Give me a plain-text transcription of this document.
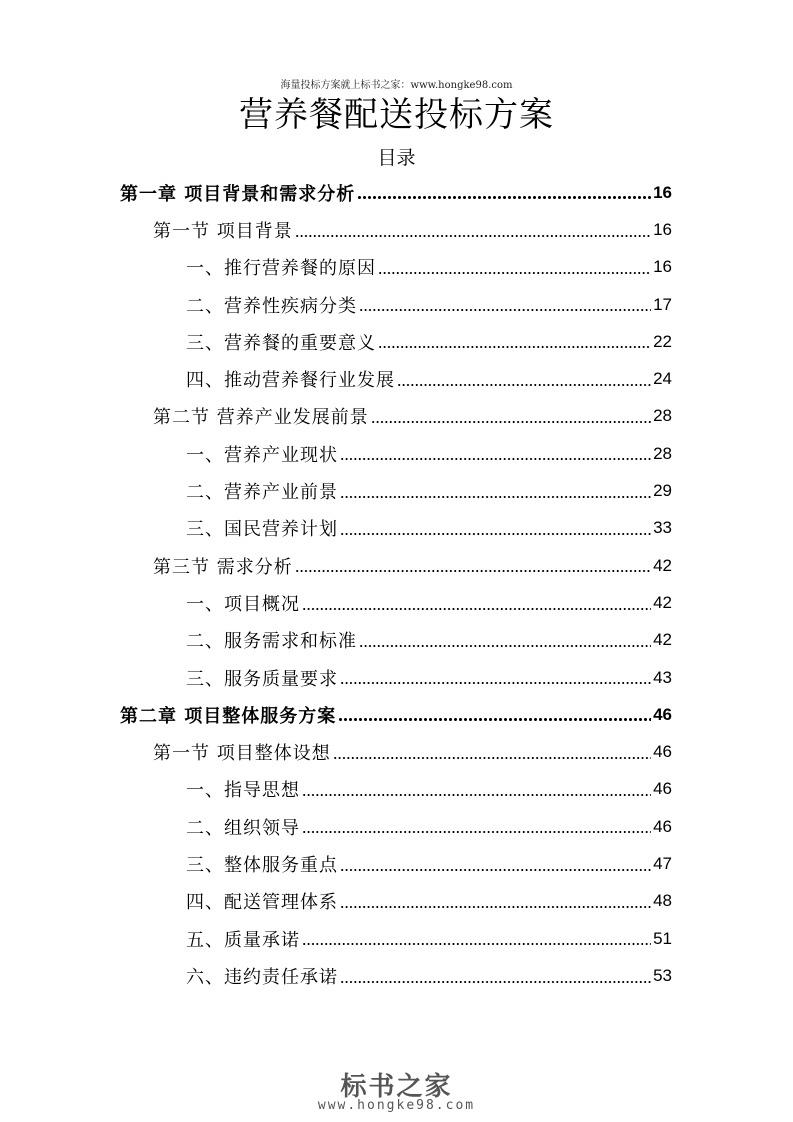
海量投标方案就上标书之家：www.hongke98.com
营养餐配送投标方案
目录
第一章 项目背景和需求分析	16
第一节 项目背景	16
一、推行营养餐的原因	16
二、营养性疾病分类	17
三、营养餐的重要意义	22
四、推动营养餐行业发展	24
第二节 营养产业发展前景	28
一、营养产业现状	28
二、营养产业前景	29
三、国民营养计划	33
第三节 需求分析	42
一、项目概况	42
二、服务需求和标准	42
三、服务质量要求	43
第二章 项目整体服务方案	46
第一节 项目整体设想	46
一、指导思想	46
二、组织领导	46
三、整体服务重点	47
四、配送管理体系	48
五、质量承诺	51
六、违约责任承诺	53
标书之家
www.hongke98.com
